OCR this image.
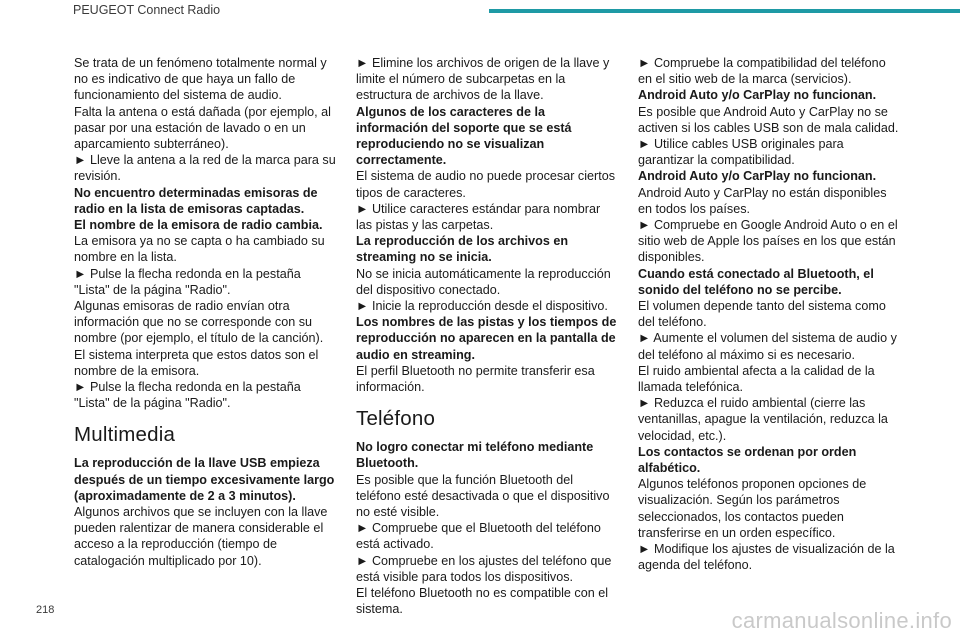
PEUGEOT Connect Radio

Se trata de un fenómeno totalmente normal y no es indicativo de que haya un fallo de funcionamiento del sistema de audio.

Falta la antena o está dañada (por ejemplo, al pasar por una estación de lavado o en un aparcamiento subterráneo).

► Lleve la antena a la red de la marca para su revisión.

No encuentro determinadas emisoras de radio en la lista de emisoras captadas.

El nombre de la emisora de radio cambia.

La emisora ya no se capta o ha cambiado su nombre en la lista.

► Pulse la flecha redonda en la pestaña "Lista" de la página "Radio".

Algunas emisoras de radio envían otra información que no se corresponde con su nombre (por ejemplo, el título de la canción).

El sistema interpreta que estos datos son el nombre de la emisora.

► Pulse la flecha redonda en la pestaña "Lista" de la página "Radio".

Multimedia

La reproducción de la llave USB empieza después de un tiempo excesivamente largo (aproximadamente de 2 a 3 minutos).

Algunos archivos que se incluyen con la llave pueden ralentizar de manera considerable el acceso a la reproducción (tiempo de catalogación multiplicado por 10).

► Elimine los archivos de origen de la llave y limite el número de subcarpetas en la estructura de archivos de la llave.

Algunos de los caracteres de la información del soporte que se está reproduciendo no se visualizan correctamente.

El sistema de audio no puede procesar ciertos tipos de caracteres.

► Utilice caracteres estándar para nombrar las pistas y las carpetas.

La reproducción de los archivos en streaming no se inicia.

No se inicia automáticamente la reproducción del dispositivo conectado.

► Inicie la reproducción desde el dispositivo.

Los nombres de las pistas y los tiempos de reproducción no aparecen en la pantalla de audio en streaming.

El perfil Bluetooth no permite transferir esa información.

Teléfono

No logro conectar mi teléfono mediante Bluetooth.

Es posible que la función Bluetooth del teléfono esté desactivada o que el dispositivo no esté visible.

► Compruebe que el Bluetooth del teléfono está activado.

► Compruebe en los ajustes del teléfono que está visible para todos los dispositivos.

El teléfono Bluetooth no es compatible con el sistema.

► Compruebe la compatibilidad del teléfono en el sitio web de la marca (servicios).

Android Auto y/o CarPlay no funcionan.

Es posible que Android Auto y CarPlay no se activen si los cables USB son de mala calidad.

► Utilice cables USB originales para garantizar la compatibilidad.

Android Auto y/o CarPlay no funcionan.

Android Auto y CarPlay no están disponibles en todos los países.

► Compruebe en Google Android Auto o en el sitio web de Apple los países en los que están disponibles.

Cuando está conectado al Bluetooth, el sonido del teléfono no se percibe.

El volumen depende tanto del sistema como del teléfono.

► Aumente el volumen del sistema de audio y del teléfono al máximo si es necesario.

El ruido ambiental afecta a la calidad de la llamada telefónica.

► Reduzca el ruido ambiental (cierre las ventanillas, apague la ventilación, reduzca la velocidad, etc.).

Los contactos se ordenan por orden alfabético.

Algunos teléfonos proponen opciones de visualización. Según los parámetros seleccionados, los contactos pueden transferirse en un orden específico.

► Modifique los ajustes de visualización de la agenda del teléfono.

218	carmanualsonline.info
